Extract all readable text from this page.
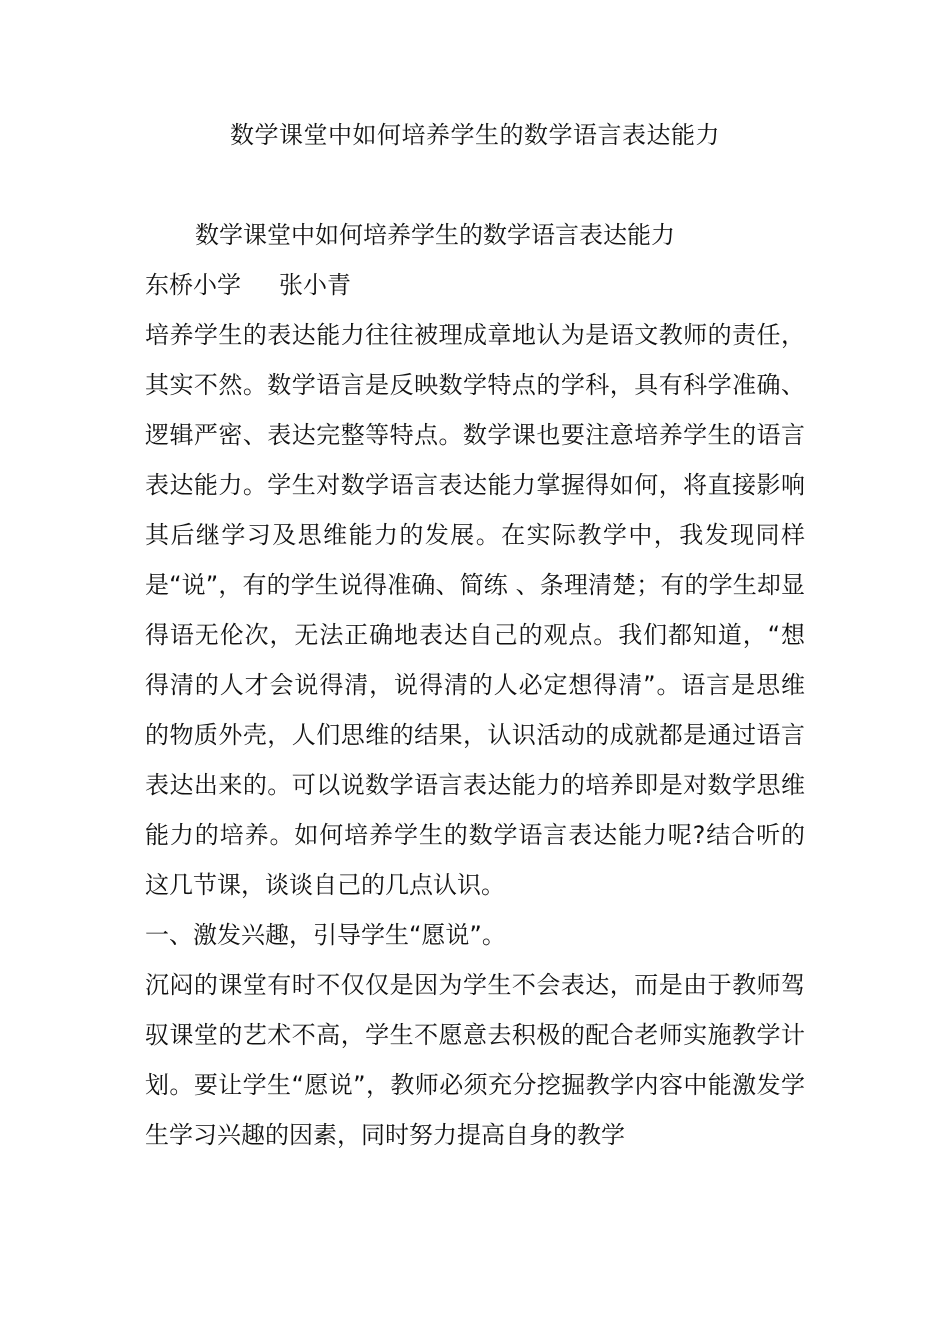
数学课堂中如何培养学生的数学语言表达能力

数学课堂中如何培养学生的数学语言表达能力

东桥小学 张小青

培养学生的表达能力往往被理成章地认为是语文教师的责任，其实不然。数学语言是反映数学特点的学科，具有科学准确、逻辑严密、表达完整等特点。数学课也要注意培养学生的语言表达能力。学生对数学语言表达能力掌握得如何，将直接影响其后继学习及思维能力的发展。在实际教学中，我发现同样是“说”，有的学生说得准确、简练 、条理清楚；有的学生却显得语无伦次，无法正确地表达自己的观点。我们都知道，“想得清的人才会说得清，说得清的人必定想得清”。语言是思维的物质外壳，人们思维的结果，认识活动的成就都是通过语言表达出来的。可以说数学语言表达能力的培养即是对数学思维能力的培养。如何培养学生的数学语言表达能力呢?结合听的这几节课，谈谈自己的几点认识。

一、激发兴趣，引导学生“愿说”。

沉闷的课堂有时不仅仅是因为学生不会表达，而是由于教师驾驭课堂的艺术不高，学生不愿意去积极的配合老师实施教学计划。要让学生“愿说”，教师必须充分挖掘教学内容中能激发学生学习兴趣的因素，同时努力提高自身的教学
